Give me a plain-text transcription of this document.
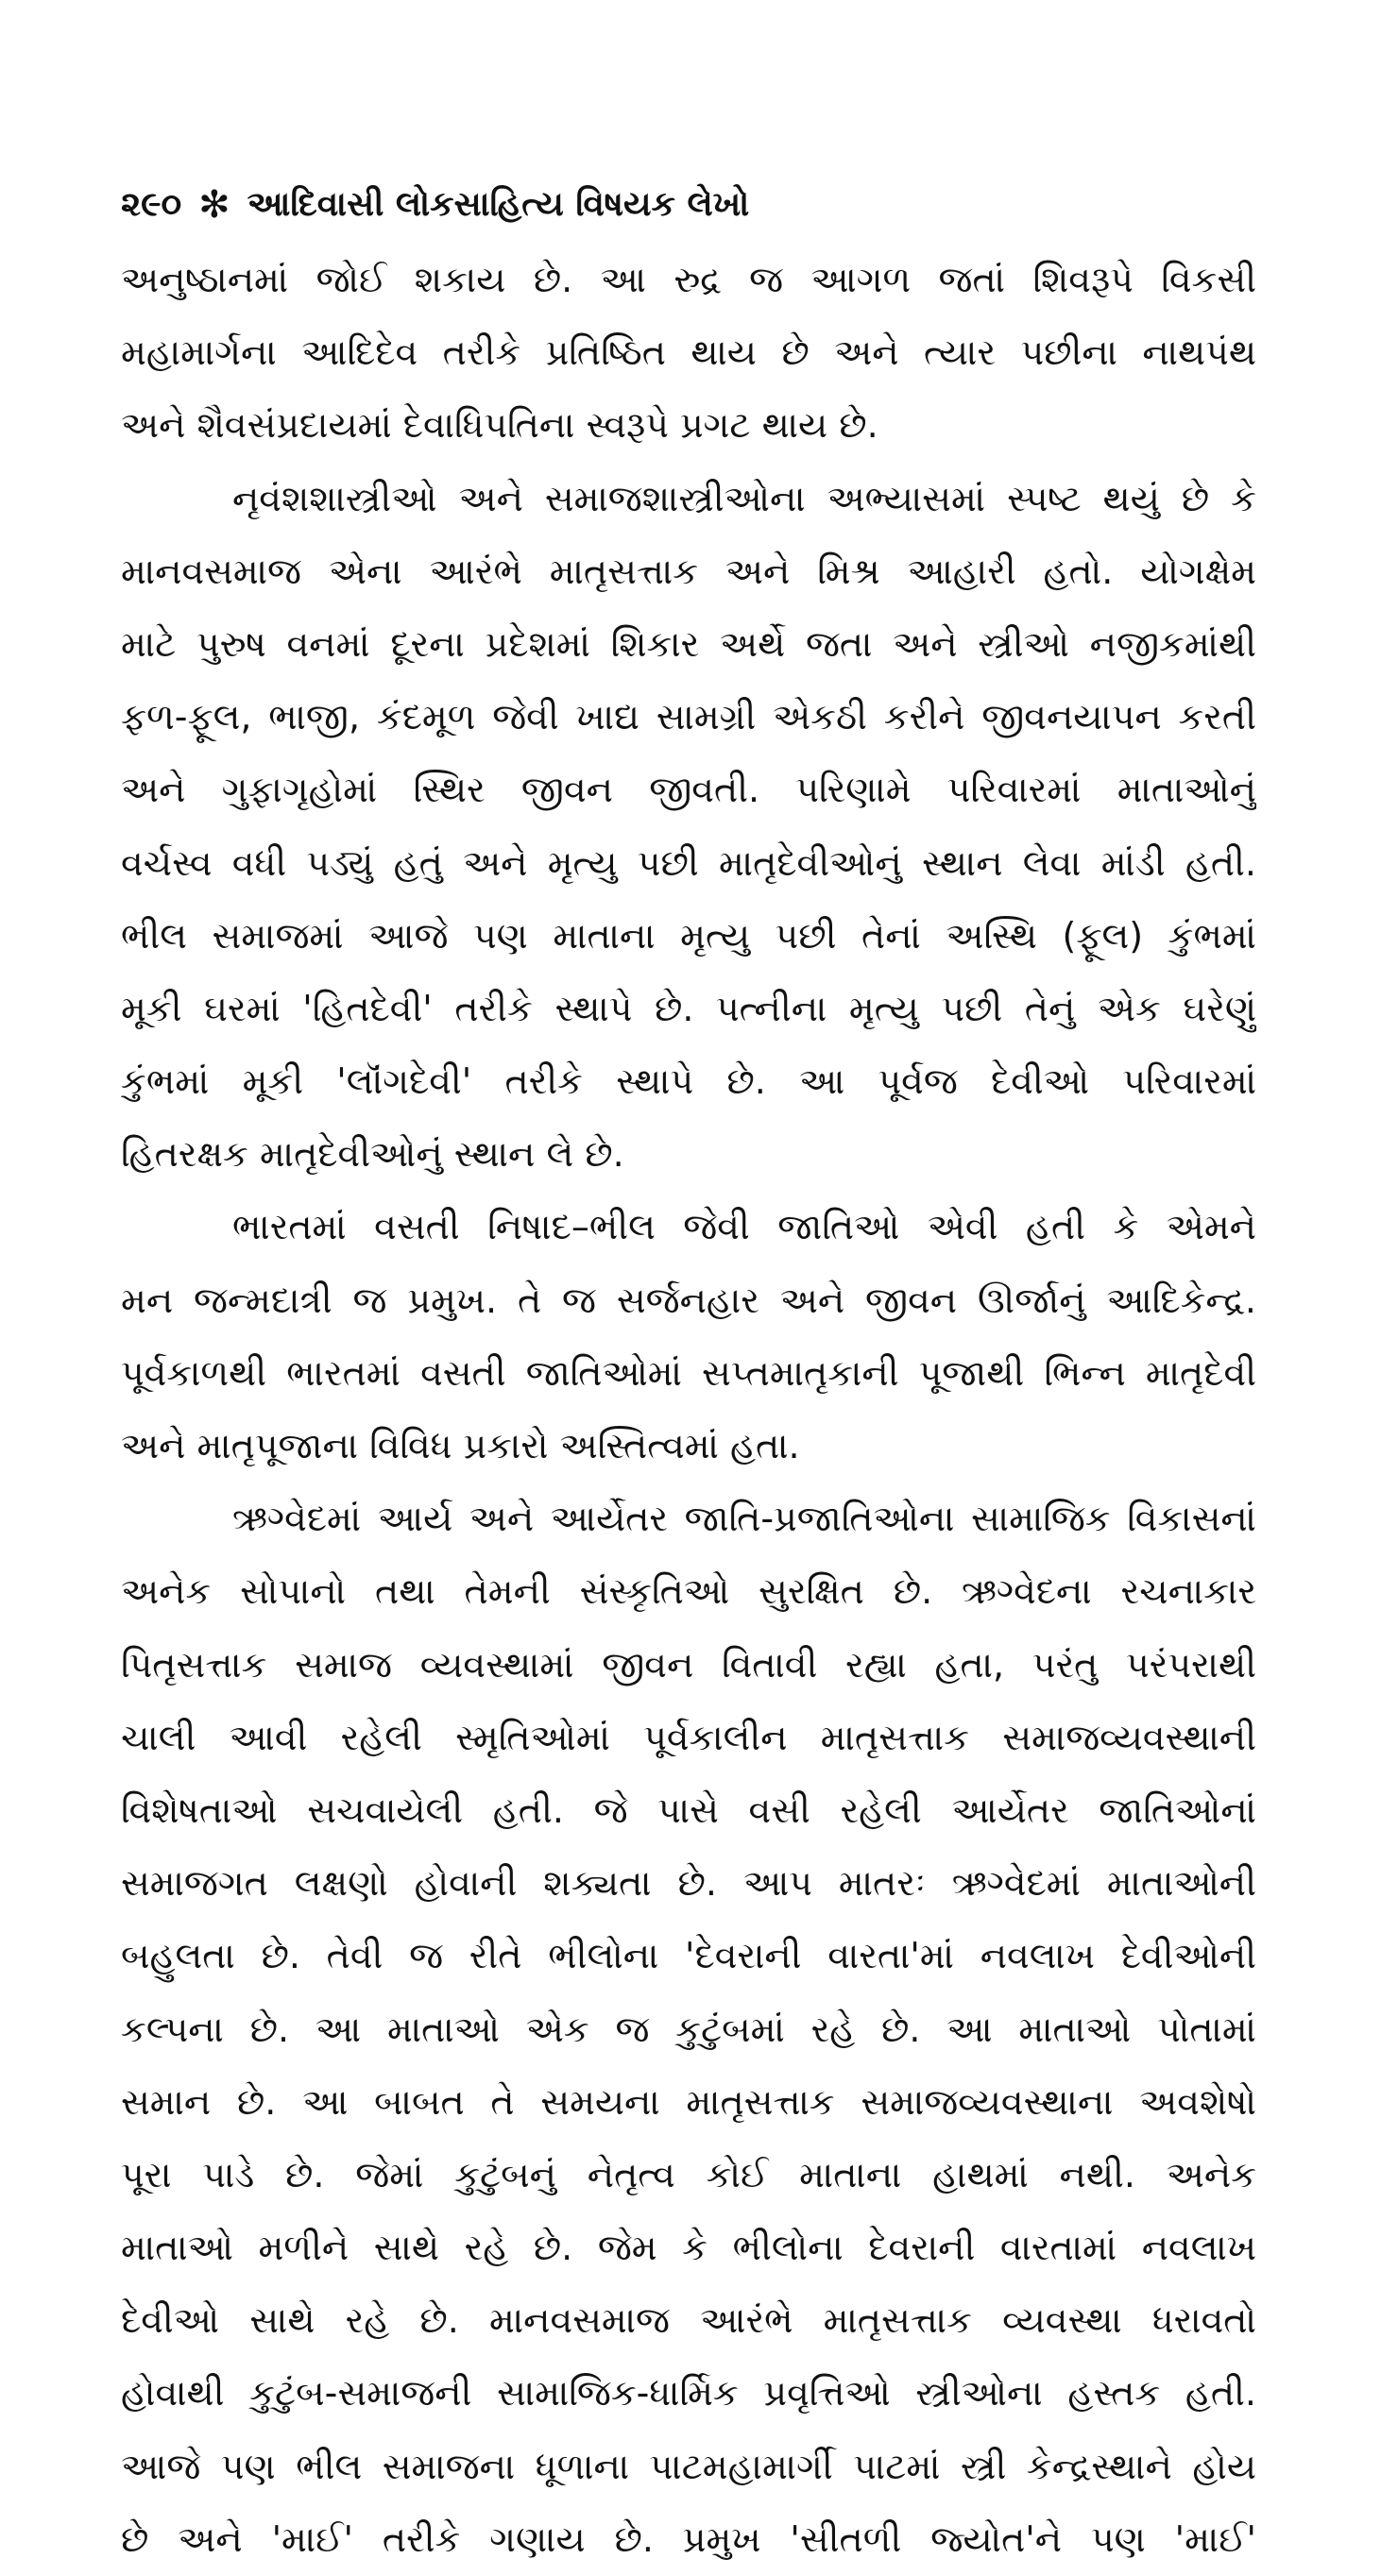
૨૯૦ ✻ આદિવાસી લોકસાહિત્ય વિષયક લેખો
અનુષ્ઠાનમાં જોઈ શકાય છે. આ રુદ્ર જ આગળ જતાં શિવરૂપે વિકસી
મહામાર્ગના આદિદેવ તરીકે પ્રતિષ્ઠિત થાય છે અને ત્યાર પછીના નાથપંથ
અને શૈવસંપ્રદાયમાં દેવાધિપતિના સ્વરૂપે પ્રગટ થાય છે.
નૃવંશશાસ્ત્રીઓ અને સમાજશાસ્ત્રીઓના અભ્યાસમાં સ્પષ્ટ થયું છે કે
માનવસમાજ એના આરંભે માતૃસત્તાક અને મિશ્ર આહારી હતો. યોગક્ષેમ
માટે પુરુષ વનમાં દૂરના પ્રદેશમાં શિકાર અર્થે જતા અને સ્ત્રીઓ નજીકમાંથી
ફળ-ફૂલ, ભાજી, કંદમૂળ જેવી ખાદ્ય સામગ્રી એકઠી કરીને જીવનયાપન કરતી
અને ગુફાગૃહોમાં સ્થિર જીવન જીવતી. પરિણામે પરિવારમાં માતાઓનું
વર્ચસ્વ વધી પડ્યું હતું અને મૃત્યુ પછી માતૃદેવીઓનું સ્થાન લેવા માંડી હતી.
ભીલ સમાજમાં આજે પણ માતાના મૃત્યુ પછી તેનાં અસ્થિ (ફૂલ) કુંભમાં
મૂકી ઘરમાં 'હિતદેવી' તરીકે સ્થાપે છે. પત્નીના મૃત્યુ પછી તેનું એક ઘરેણું
કુંભમાં મૂકી 'લૉંગદેવી' તરીકે સ્થાપે છે. આ પૂર્વજ દેવીઓ પરિવારમાં
હિતરક્ષક માતૃદેવીઓનું સ્થાન લે છે.
ભારતમાં વસતી નિષાદ–ભીલ જેવી જાતિઓ એવી હતી કે એમને
મન જન્મદાત્રી જ પ્રમુખ. તે જ સર્જનહાર અને જીવન ઊર્જાનું આદિકેન્દ્ર.
પૂર્વકાળથી ભારતમાં વસતી જાતિઓમાં સપ્તમાતૃકાની પૂજાથી ભિન્ન માતૃદેવી
અને માતૃપૂજાના વિવિધ પ્રકારો અસ્તિત્વમાં હતા.
ઋગ્વેદમાં આર્ય અને આર્યેતર જાતિ-પ્રજાતિઓના સામાજિક વિકાસનાં
અનેક સોપાનો તથા તેમની સંસ્કૃતિઓ સુરક્ષિત છે. ઋગ્વેદના રચનાકાર
પિતૃસત્તાક સમાજ વ્યવસ્થામાં જીવન વિતાવી રહ્યા હતા, પરંતુ પરંપરાથી
ચાલી આવી રહેલી સ્મૃતિઓમાં પૂર્વકાલીન માતૃસત્તાક સમાજવ્યવસ્થાની
વિશેષતાઓ સચવાયેલી હતી. જે પાસે વસી રહેલી આર્યેતર જાતિઓનાં
સમાજગત લક્ષણો હોવાની શક્યતા છે. આપ માતરઃ ઋગ્વેદમાં માતાઓની
બહુલતા છે. તેવી જ રીતે ભીલોના 'દેવરાની વારતા'માં નવલાખ દેવીઓની
કલ્પના છે. આ માતાઓ એક જ કુટુંબમાં રહે છે. આ માતાઓ પોતામાં
સમાન છે. આ બાબત તે સમયના માતૃસત્તાક સમાજવ્યવસ્થાના અવશેષો
પૂરા પાડે છે. જેમાં કુટુંબનું નેતૃત્વ કોઈ માતાના હાથમાં નથી. અનેક
માતાઓ મળીને સાથે રહે છે. જેમ કે ભીલોના દેવરાની વારતામાં નવલાખ
દેવીઓ સાથે રહે છે. માનવસમાજ આરંભે માતૃસત્તાક વ્યવસ્થા ધરાવતો
હોવાથી કુટુંબ-સમાજની સામાજિક-ધાર્મિક પ્રવૃત્તિઓ સ્ત્રીઓના હસ્તક હતી.
આજે પણ ભીલ સમાજના ધૂળાના પાટમહામાર્ગી પાટમાં સ્ત્રી કેન્દ્રસ્થાને હોય
છે અને 'માઈ' તરીકે ગણાય છે. પ્રમુખ 'સીતળી જ્યોત'ને પણ 'માઈ'
